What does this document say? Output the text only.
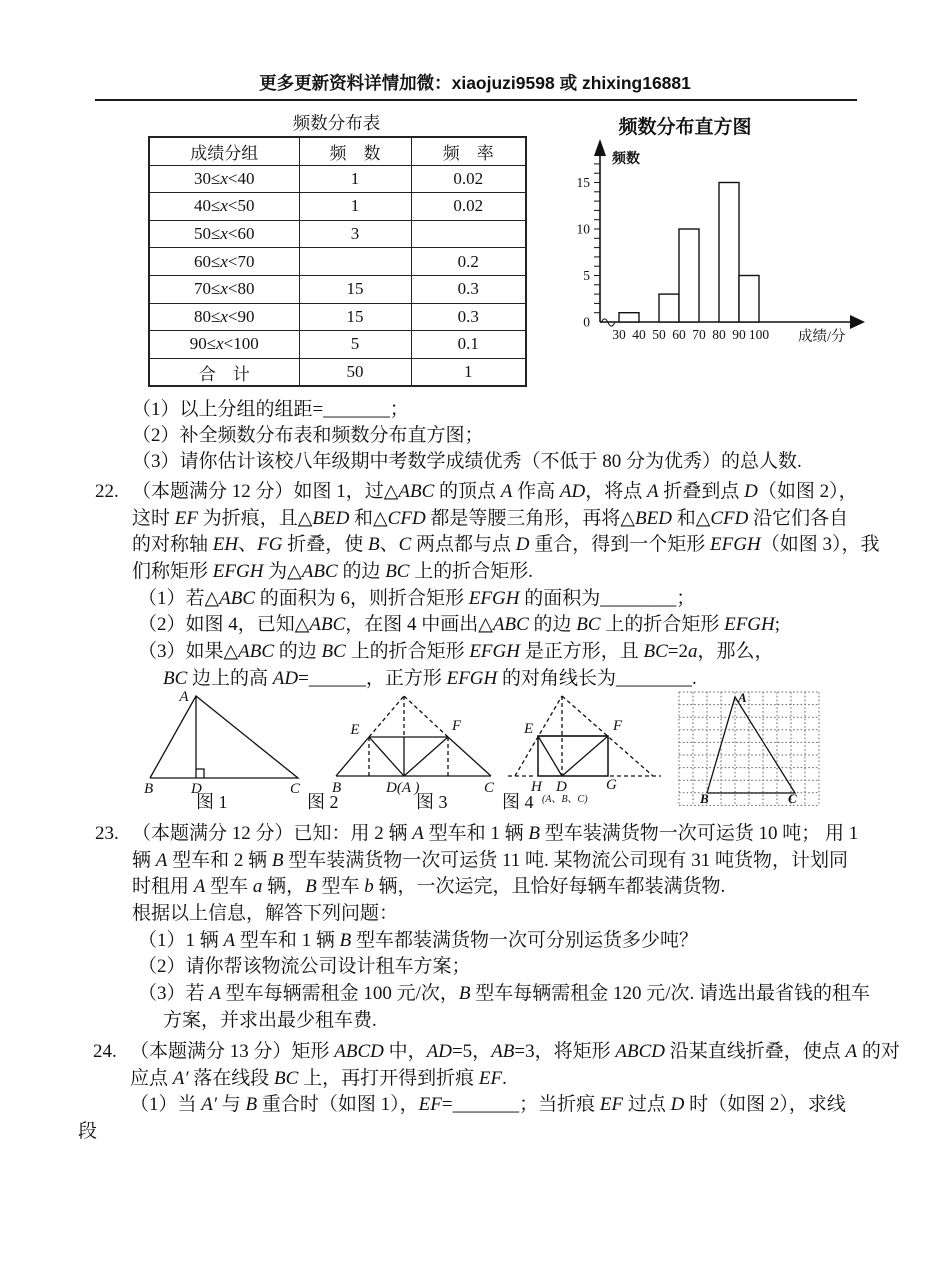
更多更新资料详情加微：xiaojuzi9598 或 zhixing16881
频数分布表
成绩分组	频　数	频　率
30≤x<40	1	0.02
40≤x<50	1	0.02
50≤x<60	3	
60≤x<70		0.2
70≤x<80	15	0.3
80≤x<90	15	0.3
90≤x<100	5	0.1
合　计	50	1
频数分布直方图
频数
成绩/分
0
5
10
15
30 40 50 60 70 80 90 100
（1）以上分组的组距=_______；
（2）补全频数分布表和频数分布直方图；
（3）请你估计该校八年级期中考数学成绩优秀（不低于 80 分为优秀）的总人数.
22. （本题满分 12 分）如图 1，过△ABC 的顶点 A 作高 AD，将点 A 折叠到点 D（如图 2），
这时 EF 为折痕，且△BED 和△CFD 都是等腰三角形，再将△BED 和△CFD 沿它们各自
的对称轴 EH、FG 折叠，使 B、C 两点都与点 D 重合，得到一个矩形 EFGH（如图 3），我
们称矩形 EFGH 为△ABC 的边 BC 上的折合矩形.
（1）若△ABC 的面积为 6，则折合矩形 EFGH 的面积为________；
（2）如图 4，已知△ABC，在图 4 中画出△ABC 的边 BC 上的折合矩形 EFGH;
（3）如果△ABC 的边 BC 上的折合矩形 EFGH 是正方形，且 BC=2a，那么，
BC 边上的高 AD=______，正方形 EFGH 的对角线长为________.
A
B	D	C
E	F
B	D(A )	C
E	F
H D	G
(A、B、C)
A
B	C
图 1	图 2	图 3	图 4
23. （本题满分 12 分）已知：用 2 辆 A 型车和 1 辆 B 型车装满货物一次可运货 10 吨； 用 1
辆 A 型车和 2 辆 B 型车装满货物一次可运货 11 吨. 某物流公司现有 31 吨货物，计划同
时租用 A 型车 a 辆，B 型车 b 辆，一次运完，且恰好每辆车都装满货物.
根据以上信息，解答下列问题：
（1）1 辆 A 型车和 1 辆 B 型车都装满货物一次可分别运货多少吨？
（2）请你帮该物流公司设计租车方案；
（3）若 A 型车每辆需租金 100 元/次，B 型车每辆需租金 120 元/次. 请选出最省钱的租车
方案，并求出最少租车费.
24. （本题满分 13 分）矩形 ABCD 中，AD=5，AB=3，将矩形 ABCD 沿某直线折叠，使点 A 的对
应点 A′ 落在线段 BC 上，再打开得到折痕 EF.
（1）当 A′ 与 B 重合时（如图 1），EF=_______；当折痕 EF 过点 D 时（如图 2），求线
段
